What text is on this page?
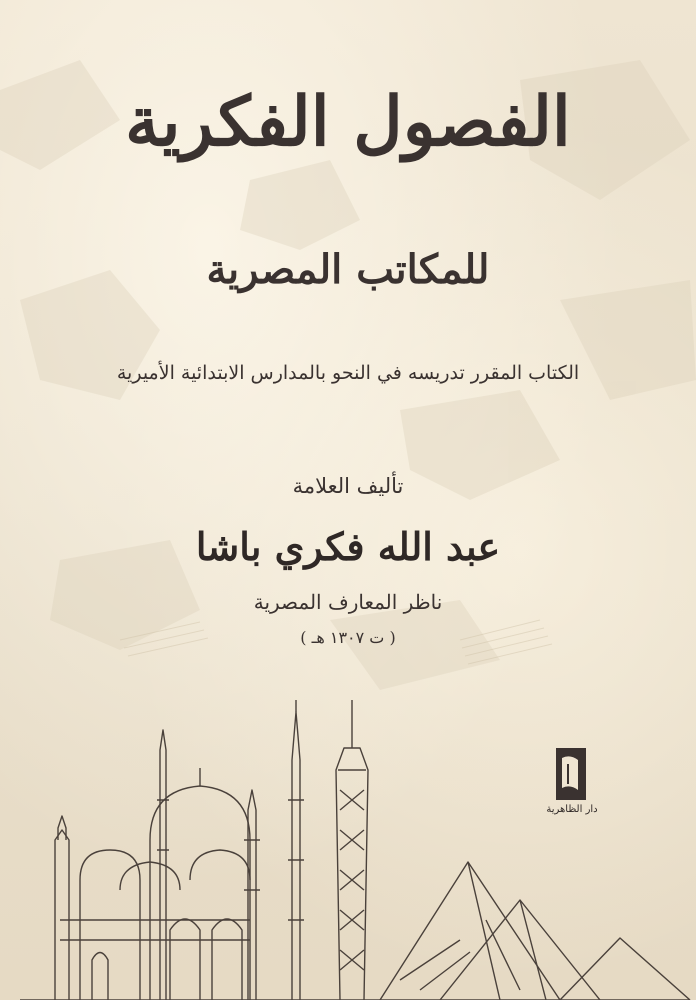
الفصول الفكرية
للمكاتب المصرية
الكتاب المقرر تدريسه في النحو بالمدارس الابتدائية الأميرية
تأليف العلامة
عبد الله فكري باشا
ناظر المعارف المصرية
( ت ١٣٠٧ هـ )
دار الظاهرية
